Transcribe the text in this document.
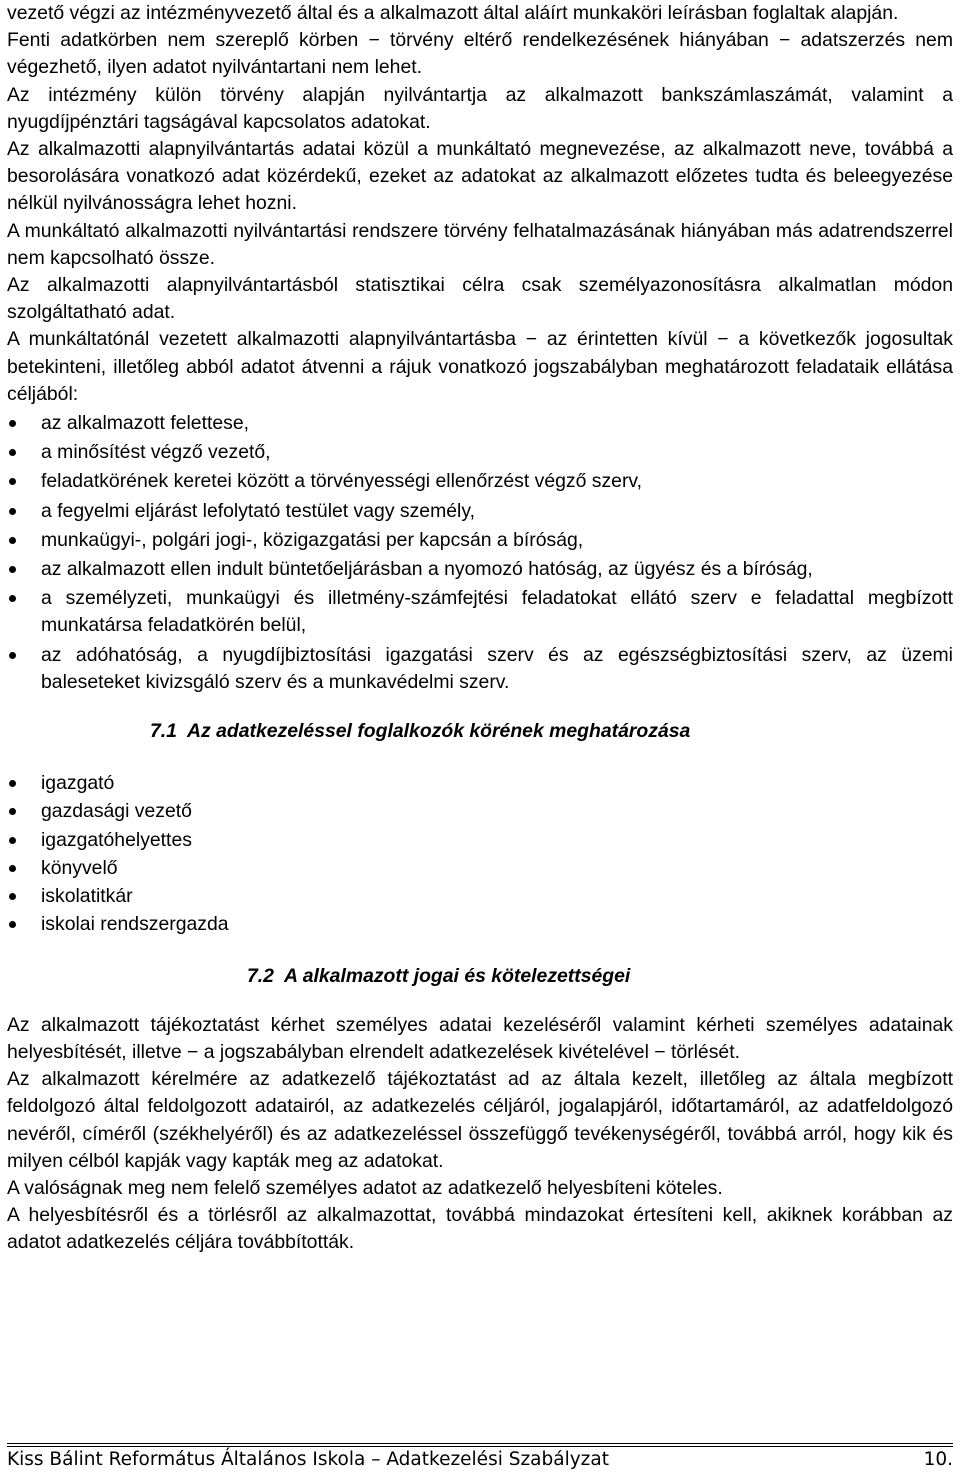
vezető végzi az intézményvezető által és a alkalmazott által aláírt munkaköri leírásban foglaltak alapján.

Fenti adatkörben nem szereplő körben − törvény eltérő rendelkezésének hiányában − adatszerzés nem végezhető, ilyen adatot nyilvántartani nem lehet.

Az intézmény külön törvény alapján nyilvántartja az alkalmazott bankszámlaszámát, valamint a nyugdíjpénztári tagságával kapcsolatos adatokat.

Az alkalmazotti alapnyilvántartás adatai közül a munkáltató megnevezése, az alkalmazott neve, továbbá a besorolására vonatkozó adat közérdekű, ezeket az adatokat az alkalmazott előzetes tudta és beleegyezése nélkül nyilvánosságra lehet hozni.

A munkáltató alkalmazotti nyilvántartási rendszere törvény felhatalmazásának hiányában más adatrendszerrel nem kapcsolható össze.

Az alkalmazotti alapnyilvántartásból statisztikai célra csak személyazonosításra alkalmatlan módon szolgáltatható adat.

A munkáltatónál vezetett alkalmazotti alapnyilvántartásba − az érintetten kívül − a következők jogosultak betekinteni, illetőleg abból adatot átvenni a rájuk vonatkozó jogszabályban meghatározott feladataik ellátása céljából:

az alkalmazott felettese,
a minősítést végző vezető,
feladatkörének keretei között a törvényességi ellenőrzést végző szerv,
a fegyelmi eljárást lefolytató testület vagy személy,
munkaügyi-, polgári jogi-, közigazgatási per kapcsán a bíróság,
az alkalmazott ellen indult büntetőeljárásban a nyomozó hatóság, az ügyész és a bíróság,
a személyzeti, munkaügyi és illetmény-számfejtési feladatokat ellátó szerv e feladattal megbízott munkatársa feladatkörén belül,
az adóhatóság, a nyugdíjbiztosítási igazgatási szerv és az egészségbiztosítási szerv, az üzemi baleseteket kivizsgáló szerv és a munkavédelmi szerv.
7.1 Az adatkezeléssel foglalkozók körének meghatározása
igazgató
gazdasági vezető
igazgatóhelyettes
könyvelő
iskolatitkár
iskolai rendszergazda
7.2 A alkalmazott jogai és kötelezettségei

Az alkalmazott tájékoztatást kérhet személyes adatai kezeléséről valamint kérheti személyes adatainak helyesbítését, illetve − a jogszabályban elrendelt adatkezelések kivételével − törlését.

Az alkalmazott kérelmére az adatkezelő tájékoztatást ad az általa kezelt, illetőleg az általa megbízott feldolgozó által feldolgozott adatairól, az adatkezelés céljáról, jogalapjáról, időtartamáról, az adatfeldolgozó nevéről, címéről (székhelyéről) és az adatkezeléssel összefüggő tevékenységéről, továbbá arról, hogy kik és milyen célból kapják vagy kapták meg az adatokat.

A valóságnak meg nem felelő személyes adatot az adatkezelő helyesbíteni köteles.

A helyesbítésről és a törlésről az alkalmazottat, továbbá mindazokat értesíteni kell, akiknek korábban az adatot adatkezelés céljára továbbították.

Kiss Bálint Református Általános Iskola – Adatkezelési Szabályzat	10.
